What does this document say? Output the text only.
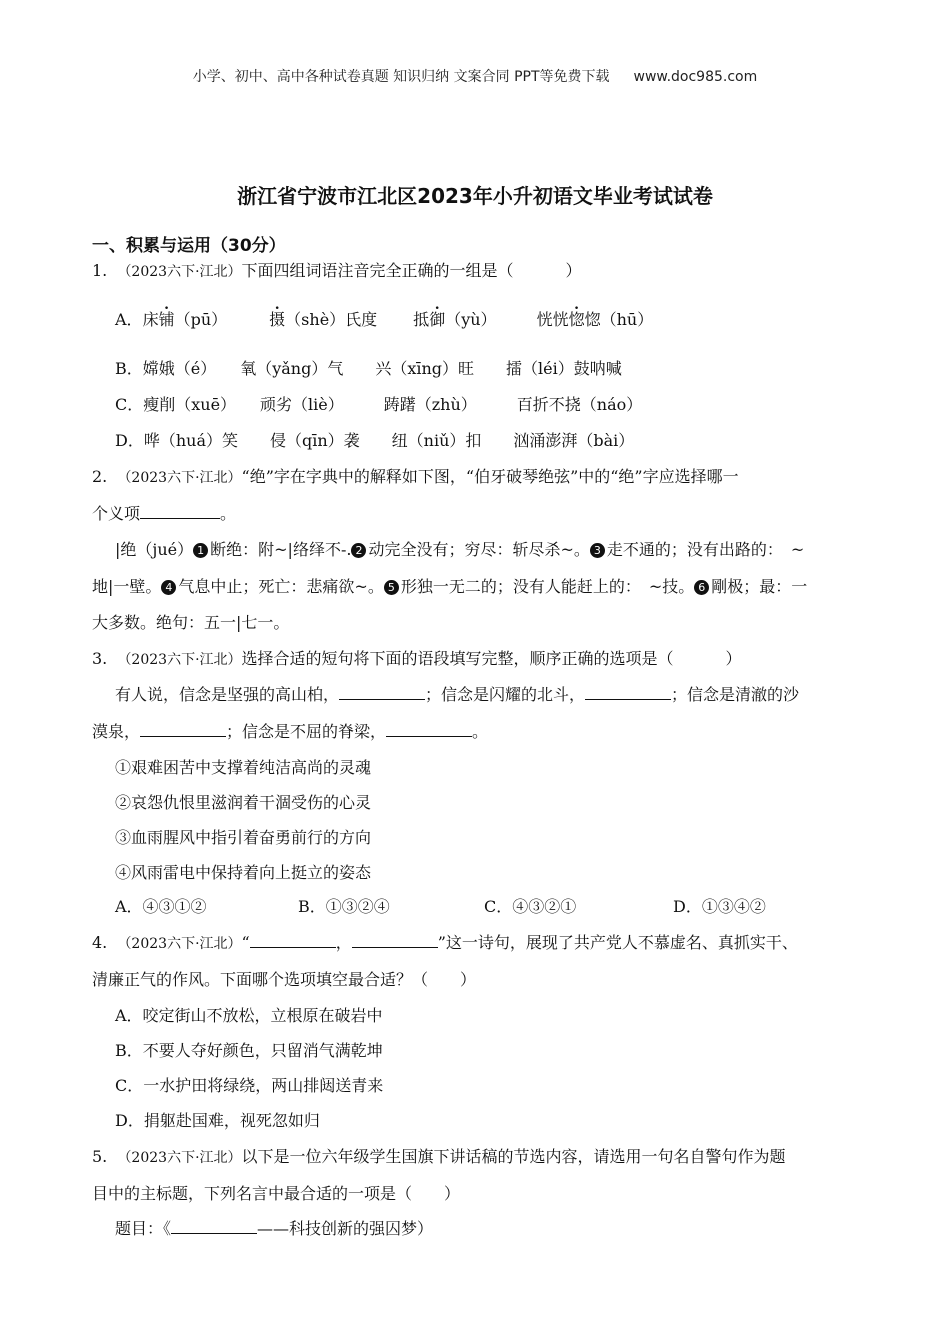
小学、初中、高中各种试卷真题 知识归纳 文案合同 PPT等免费下载 www.doc985.com
浙江省宁波市江北区2023年小升初语文毕业考试试卷
一、积累与运用（30分）
1. （2023六下·江北）下面四组词语注音完全正确的一组是（	）
A．床铺（pū）	摄（shè）氏度 抵御（yù）	恍恍惚惚（hū）
B．嫦娥（é）　　氧（yǎng）气　　兴（xīng）旺　　擂（léi）鼓呐喊
C．瘦削（xuē）　　顽劣（liè）　　　踌躇（zhù）　　　百折不挠（náo）
D．哗（huá）笑　　侵（qīn）袭　　纽（niǔ）扣　　汹涌澎湃（bài）
2. （2023六下·江北）“绝”字在字典中的解释如下图，“伯牙破琴绝弦”中的“绝”字应选择哪一
个义项	。
|绝（jué） 1 断绝：附~|络绎不-. 2 动完全没有；穷尽：斩尽杀~。 3 走不通的；没有出路的：　~
地|一壁。 4 气息中止；死亡：悲痛欲~。 5 形独一无二的；没有人能赶上的：　~技。 6 剛极；最：一
大多数。绝句：五一|七一。
3. （2023六下·江北）选择合适的短句将下面的语段填写完整，顺序正确的选项是（	）
有人说，信念是坚强的高山柏，	；信念是闪耀的北斗，	；信念是清澈的沙
漠泉，	；信念是不屈的脊梁，	。
①艰难困苦中支撑着纯洁高尚的灵魂
②哀怨仇恨里滋润着干涸受伤的心灵
③血雨腥风中指引着奋勇前行的方向
④风雨雷电中保持着向上挺立的姿态
A．④③①②	B．①③②④	C．④③②①	D．①③④②
4. （2023六下·江北）“	，	”这一诗句，展现了共产党人不慕虚名、真抓实干、
清廉正气的作风。下面哪个选项填空最合适？（　　）
A．咬定街山不放松，立根原在破岩中
B．不要人夺好颜色，只留消气满乾坤
C．一水护田将绿绕，两山排闼送青来
D．捐躯赴国难，视死忽如归
5. （2023六下·江北）以下是一位六年级学生国旗下讲话稿的节选内容，请选用一句名自警句作为题
目中的主标题，下列名言中最合适的一项是（　　）
题目：《	——科技创新的强囚梦）
